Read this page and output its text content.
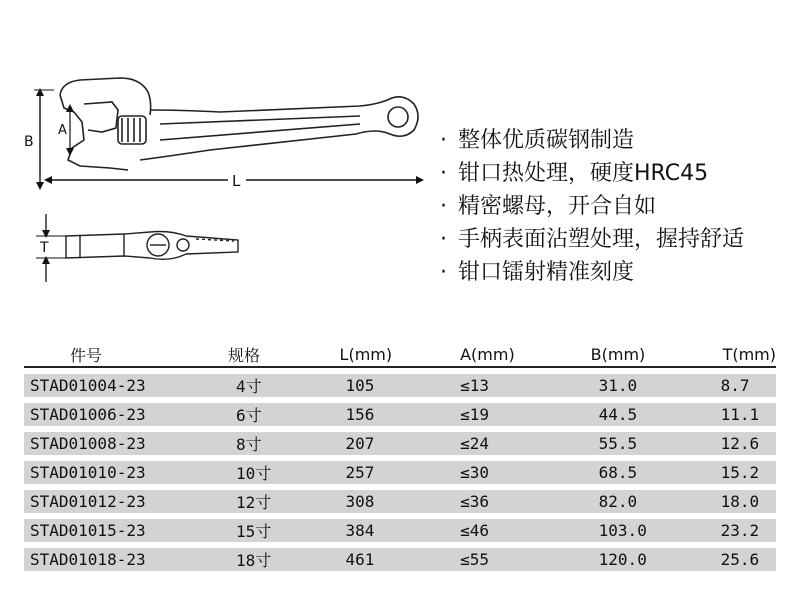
B
A
L
T
· 整体优质碳钢制造
· 钳口热处理，硬度HRC45
· 精密螺母，开合自如
· 手柄表面沾塑处理，握持舒适
· 钳口镭射精准刻度
件号	规格	L(mm)	A(mm)	B(mm)	T(mm)
STAD01004-23	4寸	105	≤13	31.0	8.7
STAD01006-23	6寸	156	≤19	44.5	11.1
STAD01008-23	8寸	207	≤24	55.5	12.6
STAD01010-23	10寸	257	≤30	68.5	15.2
STAD01012-23	12寸	308	≤36	82.0	18.0
STAD01015-23	15寸	384	≤46	103.0	23.2
STAD01018-23	18寸	461	≤55	120.0	25.6
